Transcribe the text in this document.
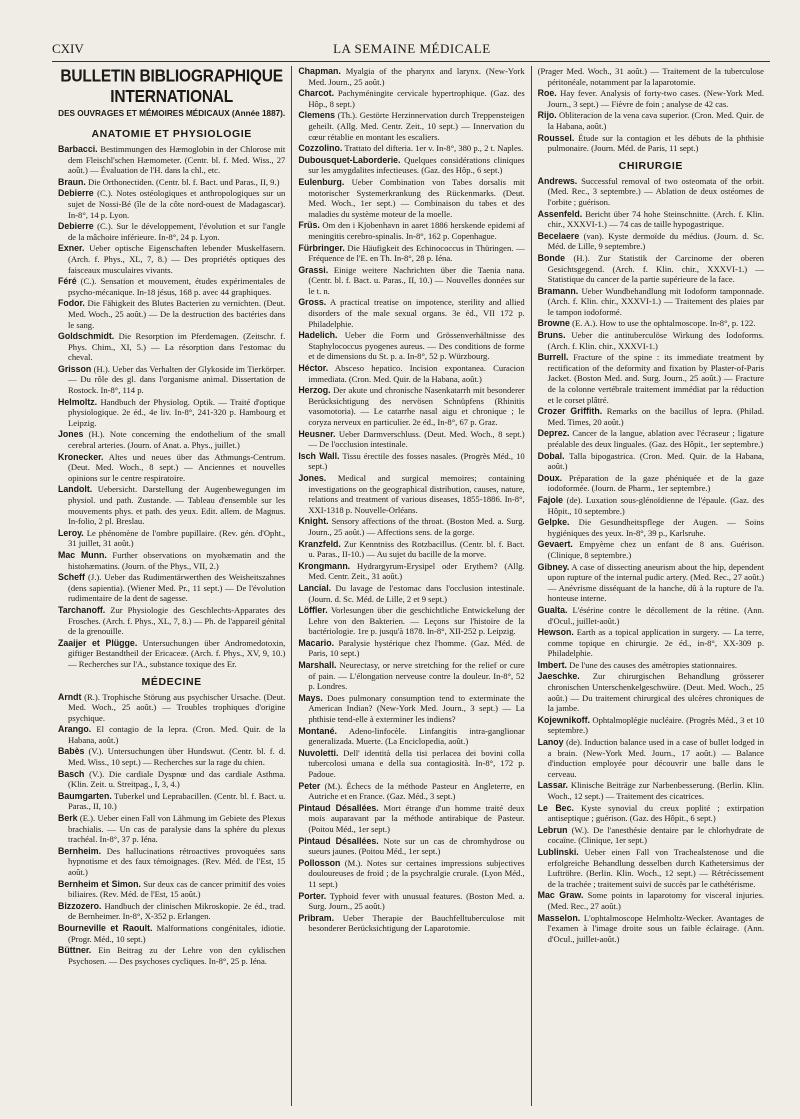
CXIV	LA SEMAINE MÉDICALE
BULLETIN BIBLIOGRAPHIQUE INTERNATIONAL
DES OUVRAGES ET MÉMOIRES MÉDICAUX (Année 1887).
ANATOMIE ET PHYSIOLOGIE
Barbacci. Bestimmungen des Hæmoglobin in der Chlorose mit dem Fleischl'schen Hæmometer. (Centr. bl. f. Med. Wiss., 27 août.) — Évaluation de l'H. dans la chl., etc.
Braun. Die Orthonectiden. (Centr. bl. f. Bact. und Paras., II, 9.)
Debierre (C.). Notes ostéologiques et anthropologiques sur un sujet de Nossi-Bé (île de la côte nord-ouest de Madagascar). In-8°, 14 p. Lyon.
Debierre (C.). Sur le développement, l'évolution et sur l'angle de la mâchoire inférieure. In-8°, 24 p. Lyon.
Exner. Ueber optische Eigenschaften lebender Muskelfasern. (Arch. f. Phys., XL, 7, 8.) — Des propriétés optiques des faisceaux musculaires vivants.
Féré (C.). Sensation et mouvement, études expérimentales de psycho-mécanique. In-18 jésus, 168 p. avec 44 graphiques.
Fodor. Die Fähigkeit des Blutes Bacterien zu vernichten. (Deut. Med. Woch., 25 août.) — De la destruction des bactéries dans le sang.
Goldschmidt. Die Resorption im Pferdemagen. (Zeitschr. f. Phys. Chim., XI, 5.) — La résorption dans l'estomac du cheval.
Grisson (H.). Ueber das Verhalten der Glykoside im Tierkörper. — Du rôle des gl. dans l'organisme animal. Dissertation de Rostock. In-8°, 114 p.
Helmoltz. Handbuch der Physiolog. Optik. — Traité d'optique physiologique. 2e éd., 4e liv. In-8°, 241-320 p. Hambourg et Leipzig.
Jones (H.). Note concerning the endothelium of the small cerebral arteries. (Journ. of Anat. a. Phys., juillet.)
Kronecker. Altes und neues über das Athmungs-Centrum. (Deut. Med. Woch., 8 sept.) — Anciennes et nouvelles opinions sur le centre respiratoire.
Landolt. Uebersicht. Darstellung der Augenbewegungen im physiol. und path. Zustande. — Tableau d'ensemble sur les mouvements phys. et path. des yeux. Edit. allem. de Magnus. In-folio, 2 pl. Breslau.
Leroy. Le phénomène de l'ombre pupillaire. (Rev. gén. d'Opht., 31 juillet, 31 août.)
Mac Munn. Further observations on myohæmatin and the histohæmatins. (Journ. of the Phys., VII, 2.)
Scheff (J.). Ueber das Rudimentärwerthen des Weisheitszahnes (dens sapientia). (Wiener Med. Pr., 11 sept.) — De l'évolution rudimentaire de la dent de sagesse.
Tarchanoff. Zur Physiologie des Geschlechts-Apparates des Frosches. (Arch. f. Phys., XL, 7, 8.) — Ph. de l'appareil génital de la grenouille.
Zaaijer et Plügge. Untersuchungen über Andromedotoxin, giftiger Bestandtheil der Ericaceæ. (Arch. f. Phys., XV, 9, 10.) — Recherches sur l'A., substance toxique des Er.
MÉDECINE
Arndt (R.). Trophische Störung aus psychischer Ursache. (Deut. Med. Woch., 25 août.) — Troubles trophiques d'origine psychique.
Arango. El contagio de la lepra. (Cron. Med. Quir. de la Habana, août.)
Babès (V.). Untersuchungen über Hundswut. (Centr. bl. f. d. Med. Wiss., 10 sept.) — Recherches sur la rage du chien.
Basch (V.). Die cardiale Dyspnœ und das cardiale Asthma. (Klin. Zeit. u. Streitpag., I, 3, 4.)
Baumgarten. Tuberkel und Leprabacillen. (Centr. bl. f. Bact. u. Paras., II, 10.)
Berk (E.). Ueber einen Fall von Lähmung im Gebiete des Plexus brachialis. — Un cas de paralysie dans la sphère du plexus trachéal. In-8°, 37 p. Iéna.
Bernheim. Des hallucinations rétroactives provoquées sans hypnotisme et des faux témoignages. (Rev. Méd. de l'Est, 15 août.)
Bernheim et Simon. Sur deux cas de cancer primitif des voies biliaires. (Rev. Méd. de l'Est, 15 août.)
Bizzozero. Handbuch der clinischen Mikroskopie. 2e éd., trad. de Bernheimer. In-8°, X-352 p. Erlangen.
Bourneville et Raoult. Malformations congénitales, idiotie. (Progr. Méd., 10 sept.)
Büttner. Ein Beitrag zu der Lehre von den cyklischen Psychosen. — Des psychoses cycliques. In-8°, 25 p. Iéna.
Chapman. Myalgia of the pharynx and larynx. (New-York Med. Journ., 25 août.)
Charcot. Pachyméningite cervicale hypertrophique. (Gaz. des Hôp., 8 sept.)
Clemens (Th.). Gestörte Herzinnervation durch Treppensteigen geheilt. (Allg. Med. Centr. Zeit., 10 sept.) — Innervation du cœur rétablie en montant les escaliers.
Cozzolino. Trattato del difteria. 1er v. In-8°, 380 p., 2 t. Naples.
Dubousquet-Laborderie. Quelques considérations cliniques sur les amygdalites infectieuses. (Gaz. des Hôp., 6 sept.)
Eulenburg. Ueber Combination von Tabes dorsalis mit motorischer Systemerkrankung des Rückenmarks. (Deut. Med. Woch., 1er sept.) — Combinaison du tabes et des maladies du système moteur de la moelle.
Früs. Om den i Kjobenhavn in aaret 1886 herskende epidemi af meningitis cerebro-spinalis. In-8°, 162 p. Copenhague.
Fürbringer. Die Häufigkeit des Echinococcus in Thüringen. — Fréquence de l'E. en Th. In-8°, 28 p. Iéna.
Grassi. Einige weitere Nachrichten über die Taenia nana. (Centr. bl. f. Bact. u. Paras., II, 10.) — Nouvelles données sur le t. n.
Gross. A practical treatise on impotence, sterility and allied disorders of the male sexual organs. 3e éd., VII 172 p. Philadelphie.
Hadelich. Ueber die Form und Grössenverhältnisse des Staphylococcus pyogenes aureus. — Des conditions de forme et de dimensions du St. p. a. In-8°, 52 p. Würzbourg.
Héctor. Absceso hepatico. Incision expontanea. Curacion immediata. (Cron. Med. Quir. de la Habana, août.)
Herzog. Der akute und chronische Nasenkatarrh mit besonderer Berücksichtigung des nervösen Schnüpfens (Rhinitis vasomotoria). — Le catarrhe nasal aigu et chronique ; le coryza nerveux en particulier. 2e éd., In-8°, 67 p. Graz.
Heusner. Ueber Darmverschluss. (Deut. Med. Woch., 8 sept.) — De l'occlusion intestinale.
Isch Wall. Tissu érectile des fosses nasales. (Progrès Méd., 10 sept.)
Jones. Medical and surgical memoires; containing investigations on the geographical distribution, causes, nature, relations and treatment of various diseases, 1855-1886. In-8°, XXI-1318 p. Nouvelle-Orléans.
Knight. Sensory affections of the throat. (Boston Med. a. Surg. Journ., 25 août.) — Affections sens. de la gorge.
Kranzfeld. Zur Kenntniss des Rotzbacillus. (Centr. bl. f. Bact. u. Paras., II-10.) — Au sujet du bacille de la morve.
Krongmann. Hydrargyrum-Erysipel oder Erythem? (Allg. Med. Centr. Zeit., 31 août.)
Lancial. Du lavage de l'estomac dans l'occlusion intestinale. (Journ. d. Sc. Méd. de Lille, 2 et 9 sept.)
Löffler. Vorlesungen über die geschichtliche Entwickelung der Lehre von den Bakterien. — Leçons sur l'histoire de la bactériologie. 1re p. jusqu'à 1878. In-8°, XII-252 p. Leipzig.
Macario. Paralysie hystérique chez l'homme. (Gaz. Méd. de Paris, 10 sept.)
Marshall. Neurectasy, or nerve stretching for the relief or cure of pain. — L'élongation nerveuse contre la douleur. In-8°, 52 p. Londres.
Mays. Does pulmonary consumption tend to exterminate the American Indian? (New-York Med. Journ., 3 sept.) — La phthisie tend-elle à exterminer les indiens?
Montané. Adeno-linfocèle. Linfangitis intra-ganglionar generalizada. Muerte. (La Enciclopedia, août.)
Nuvoletti. Dell' identità della tisi perlacea dei bovini colla tubercolosi umana e della sua contagiosità. In-8°, 172 p. Padoue.
Peter (M.). Échecs de la méthode Pasteur en Angleterre, en Autriche et en France. (Gaz. Méd., 3 sept.)
Pintaud Désallées. Mort étrange d'un homme traité deux mois auparavant par la méthode antirabique de Pasteur. (Poitou Méd., 1er sept.)
Pintaud Désallées. Note sur un cas de chromhydrose ou sueurs jaunes. (Poitou Méd., 1er sept.)
Pollosson (M.). Notes sur certaines impressions subjectives douloureuses de froid ; de la psychralgie crurale. (Lyon Méd., 11 sept.)
Porter. Typhoid fever with unusual features. (Boston Med. a. Surg. Journ., 25 août.)
Pribram. Ueber Therapie der Bauchfelltuberculose mit besonderer Berücksichtigung der Laparotomie.
(Prager Med. Woch., 31 août.) — Traitement de la tuberculose péritonéale, notamment par la laparotomie.
Roe. Hay fever. Analysis of forty-two cases. (New-York Med. Journ., 3 sept.) — Fièvre de foin ; analyse de 42 cas.
Rijo. Obliteracion de la vena cava superior. (Cron. Med. Quir. de la Habana, août.)
Roussel. Étude sur la contagion et les débuts de la phthisie pulmonaire. (Journ. Méd. de Paris, 11 sept.)
CHIRURGIE
Andrews. Successful removal of two osteomata of the orbit. (Med. Rec., 3 septembre.) — Ablation de deux ostéomes de l'orbite ; guérison.
Assenfeld. Bericht über 74 hohe Steinschnitte. (Arch. f. Klin. chir., XXXVI-1.) — 74 cas de taille hypogastrique.
Becelaere (van). Kyste dermoïde du médius. (Journ. d. Sc. Méd. de Lille, 9 septembre.)
Bonde (H.). Zur Statistik der Carcinome der oberen Gesichtsgegend. (Arch. f. Klin. chir., XXXVI-1.) — Statistique du cancer de la partie supérieure de la face.
Bramann. Ueber Wundbehandlung mit Iodoform tamponnade. (Arch. f. Klin. chir., XXXVI-1.) — Traitement des plaies par le tampon iodoformé.
Browne (E. A.). How to use the ophtalmoscope. In-8°, p. 122.
Bruns. Ueber die antituberculöse Wirkung des Iodoforms. (Arch. f. Klin. chir., XXXVI-1.)
Burrell. Fracture of the spine : its immediate treatment by rectification of the deformity and fixation by Plaster-of-Paris Jacket. (Boston Med. and. Surg. Journ., 25 août.) — Fracture de la colonne vertébrale traitement immédiat par la réduction et le corset plâtré.
Crozer Griffith. Remarks on the bacillus of lepra. (Philad. Med. Times, 20 août.)
Deprez. Cancer de la langue, ablation avec l'écraseur ; ligature préalable des deux linguales. (Gaz. des Hôpit., 1er septembre.)
Dobal. Talla bipogastrica. (Cron. Med. Quir. de la Habana, août.)
Doux. Préparation de la gaze phéniquée et de la gaze iodoformée. (Journ. de Pharm., 1er septembre.)
Fajole (de). Luxation sous-glénoïdienne de l'épaule. (Gaz. des Hôpit., 10 septembre.)
Gelpke. Die Gesundheitspflege der Augen. — Soins hygiéniques des yeux. In-8°, 39 p., Karlsruhe.
Gevaert. Empyème chez un enfant de 8 ans. Guérison. (Clinique, 8 septembre.)
Gibney. A case of dissecting aneurism about the hip, dependent upon rupture of the internal pudic artery. (Med. Rec., 27 août.) — Anévrisme disséquant de la hanche, dû à la rupture de l'a. honteuse interne.
Gualta. L'ésérine contre le décollement de la rétine. (Ann. d'Ocul., juillet-août.)
Hewson. Earth as a topical application in surgery. — La terre, comme topique en chirurgie. 2e éd., in-8°, XX-309 p. Philadelphie.
Imbert. De l'une des causes des amétropies stationnaires.
Jaeschke. Zur chirurgischen Behandlung grösserer chronischen Unterschenkelgeschwüre. (Deut. Med. Woch., 25 août.) — Du traitement chirurgical des ulcères chroniques de la jambe.
Kojewnikoff. Ophtalmoplégie nucléaire. (Progrès Méd., 3 et 10 septembre.)
Lanoy (de). Induction balance used in a case of bullet lodged in a brain. (New-York Med. Journ., 17 août.) — Balance d'induction employée pour découvrir une balle dans le cerveau.
Lassar. Klinische Beiträge zur Narbenbesserung. (Berlin. Klin. Woch., 12 sept.) — Traitement des cicatrices.
Le Bec. Kyste synovial du creux poplité ; extirpation antiseptique ; guérison. (Gaz. des Hôpit., 6 sept.)
Lebrun (W.). De l'anesthésie dentaire par le chlorhydrate de cocaïne. (Clinique, 1er sept.)
Lublinski. Ueber einen Fall von Trachealstenose und die erfolgreiche Behandlung desselben durch Kathetersimus der Luftröhre. (Berlin. Klin. Woch., 12 sept.) — Rétrécissement de la trachée ; traitement suivi de succès par le cathétérisme.
Mac Graw. Some points in laparotomy for visceral injuries. (Med. Rec., 27 août.)
Masselon. L'ophtalmoscope Helmholtz-Wecker. Avantages de l'examen à l'image droite sous un faible éclairage. (Ann. d'Ocul., juillet-août.)
